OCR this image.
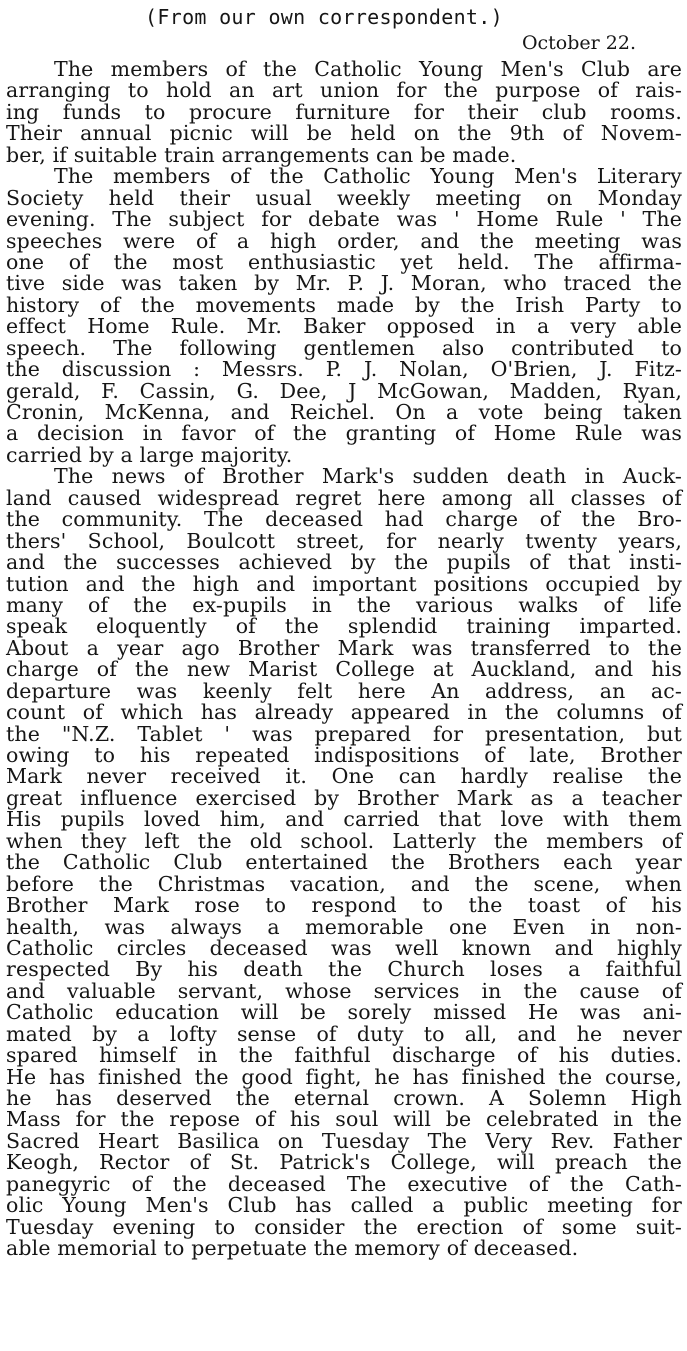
(From our own correspondent.)

October 22.

The members of the Catholic Young Men's Club are
arranging to hold an art union for the purpose of rais-
ing funds to procure furniture for their club rooms.
Their annual picnic will be held on the 9th of Novem-
ber, if suitable train arrangements can be made.

The members of the Catholic Young Men's Literary
Society held their usual weekly meeting on Monday
evening. The subject for debate was ' Home Rule ' The
speeches were of a high order, and the meeting was
one of the most enthusiastic yet held. The affirma-
tive side was taken by Mr. P. J. Moran, who traced the
history of the movements made by the Irish Party to
effect Home Rule. Mr. Baker opposed in a very able
speech. The following gentlemen also contributed to
the discussion : Messrs. P. J. Nolan, O'Brien, J. Fitz-
gerald, F. Cassin, G. Dee, J McGowan, Madden, Ryan,
Cronin, McKenna, and Reichel. On a vote being taken
a decision in favor of the granting of Home Rule was
carried by a large majority.

The news of Brother Mark's sudden death in Auck-
land caused widespread regret here among all classes of
the community. The deceased had charge of the Bro-
thers' School, Boulcott street, for nearly twenty years,
and the successes achieved by the pupils of that insti-
tution and the high and important positions occupied by
many of the ex-pupils in the various walks of life
speak eloquently of the splendid training imparted.
About a year ago Brother Mark was transferred to the
charge of the new Marist College at Auckland, and his
departure was keenly felt here An address, an ac-
count of which has already appeared in the columns of
the "N.Z. Tablet ' was prepared for presentation, but
owing to his repeated indispositions of late, Brother
Mark never received it. One can hardly realise the
great influence exercised by Brother Mark as a teacher
His pupils loved him, and carried that love with them
when they left the old school. Latterly the members of
the Catholic Club entertained the Brothers each year
before the Christmas vacation, and the scene, when
Brother Mark rose to respond to the toast of his
health, was always a memorable one Even in non-
Catholic circles deceased was well known and highly
respected By his death the Church loses a faithful
and valuable servant, whose services in the cause of
Catholic education will be sorely missed He was ani-
mated by a lofty sense of duty to all, and he never
spared himself in the faithful discharge of his duties.
He has finished the good fight, he has finished the course,
he has deserved the eternal crown. A Solemn High
Mass for the repose of his soul will be celebrated in the
Sacred Heart Basilica on Tuesday The Very Rev. Father
Keogh, Rector of St. Patrick's College, will preach the
panegyric of the deceased The executive of the Cath-
olic Young Men's Club has called a public meeting for
Tuesday evening to consider the erection of some suit-
able memorial to perpetuate the memory of deceased.
